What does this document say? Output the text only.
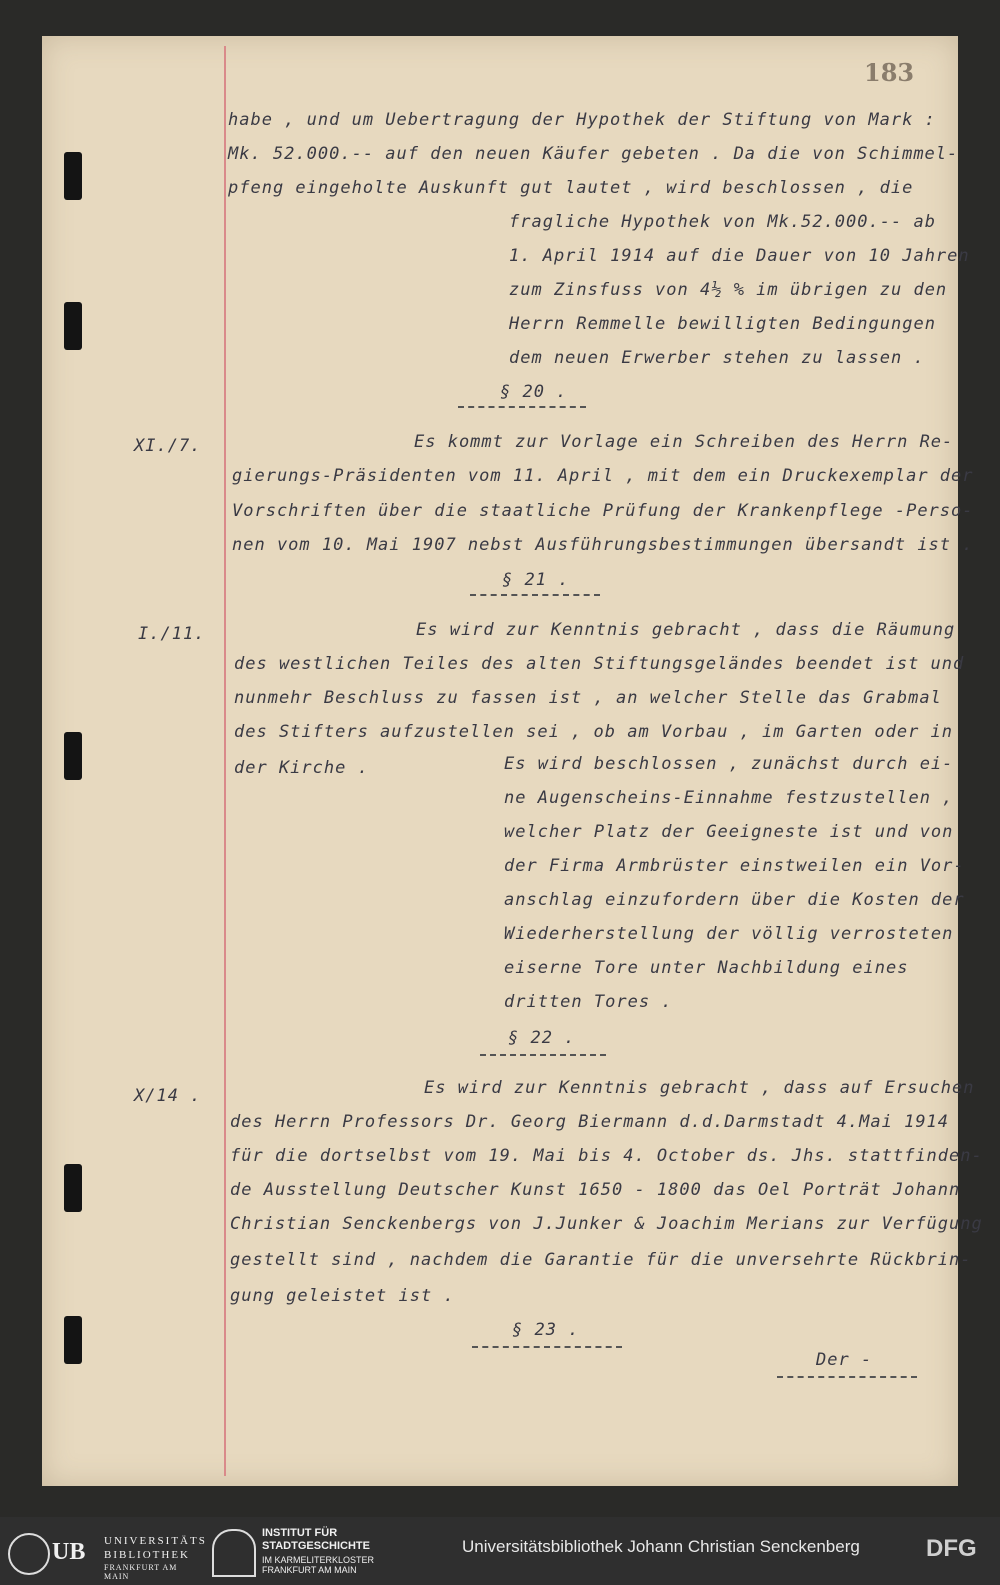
183
habe , und um Uebertragung der Hypothek der Stiftung von Mark :
Mk. 52.000.-- auf den neuen Käufer gebeten . Da die von Schimmel-
pfeng eingeholte Auskunft gut lautet , wird beschlossen , die
fragliche Hypothek von Mk.52.000.-- ab
1. April 1914 auf die Dauer von 10 Jahren
zum Zinsfuss von 4½ % im übrigen zu den
Herrn Remmelle bewilligten Bedingungen
dem neuen Erwerber stehen zu lassen .
§ 20 .
XI./7.	Es kommt zur Vorlage ein Schreiben des Herrn Re-
gierungs-Präsidenten vom 11. April , mit dem ein Druckexemplar der
Vorschriften über die staatliche Prüfung der Krankenpflege -Perso-
nen vom 10. Mai 1907 nebst Ausführungsbestimmungen übersandt ist .
§ 21 .
I./11.	Es wird zur Kenntnis gebracht , dass die Räumung
des westlichen Teiles des alten Stiftungsgeländes beendet ist und
nunmehr Beschluss zu fassen ist , an welcher Stelle das Grabmal
des Stifters aufzustellen sei , ob am Vorbau , im Garten oder in
der Kirche .	Es wird beschlossen , zunächst durch ei-
ne Augenscheins-Einnahme festzustellen ,
welcher Platz der Geeigneste ist und von
der Firma Armbrüster einstweilen ein Vor-
anschlag einzufordern über die Kosten der
Wiederherstellung der völlig verrosteten
eiserne Tore unter Nachbildung eines
dritten Tores .
§ 22 .
X/14 .	Es wird zur Kenntnis gebracht , dass auf Ersuchen
des Herrn Professors Dr. Georg Biermann d.d.Darmstadt 4.Mai 1914
für die dortselbst vom 19. Mai bis 4. October ds. Jhs. stattfinden-
de Ausstellung Deutscher Kunst 1650 - 1800 das Oel Porträt Johann
Christian Senckenbergs von J.Junker & Joachim Merians zur Verfügung
gestellt sind , nachdem die Garantie für die unversehrte Rückbrin-
gung geleistet ist .
§ 23 .
Der -
UB UNIVERSITÄTS
BIBLIOTHEK
FRANKFURT AM MAIN
INSTITUT FÜR
STADTGESCHICHTE
IM KARMELITERKLOSTER
FRANKFURT AM MAIN
Universitätsbibliothek Johann Christian Senckenberg	DFG
